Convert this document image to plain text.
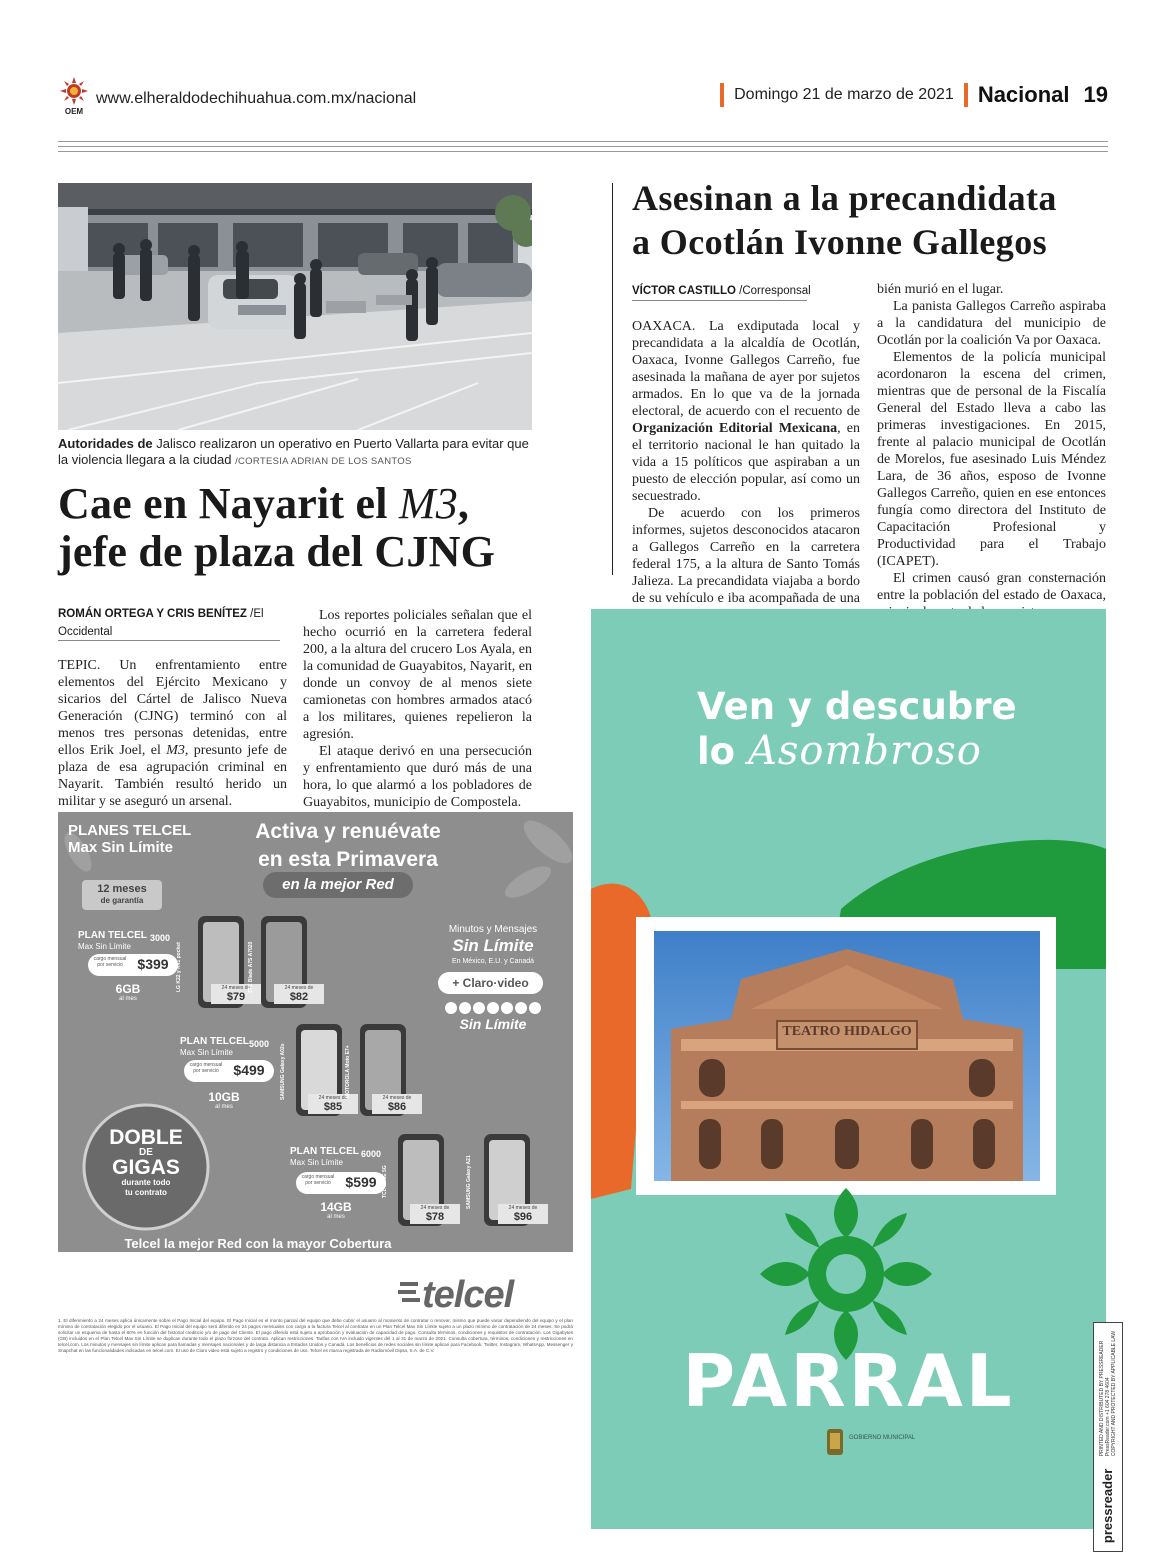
OEM
www.elheraldodechihuahua.com.mx/nacional	Domingo 21 de marzo de 2021 Nacional 19
Autoridades de Jalisco realizaron un operativo en Puerto Vallarta para evitar que la violencia llegara a la ciudad /CORTESIA ADRIAN DE LOS SANTOS
Cae en Nayarit el M3,
jefe de plaza del CJNG
ROMÁN ORTEGA Y CRIS BENÍTEZ /El Occidental

TEPIC. Un enfrentamiento entre elementos del Ejército Mexicano y sicarios del Cártel de Jalisco Nueva Generación (CJNG) terminó con al menos tres personas detenidas, entre ellos Erik Joel, el M3, presunto jefe de plaza de esa agrupación criminal en Nayarit. También resultó herido un militar y se aseguró un arsenal.

Los reportes policiales señalan que el hecho ocurrió en la carretera federal 200, a la altura del crucero Los Ayala, en la comunidad de Guayabitos, Nayarit, en donde un convoy de al menos siete camionetas con hombres armados atacó a los militares, quienes repelieron la agresión.

El ataque derivó en una persecución y enfrentamiento que duró más de una hora, lo que alarmó a los pobladores de Guayabitos, municipio de Compostela.

Asesinan a la precandidata
a Ocotlán Ivonne Gallegos
VÍCTOR CASTILLO /Corresponsal

OAXACA. La exdiputada local y precandidata a la alcaldía de Ocotlán, Oaxaca, Ivonne Gallegos Carreño, fue asesinada la mañana de ayer por sujetos armados. En lo que va de la jornada electoral, de acuerdo con el recuento de Organización Editorial Mexicana, en el territorio nacional le han quitado la vida a 15 políticos que aspiraban a un puesto de elección popular, así como un secuestrado.

De acuerdo con los primeros informes, sujetos desconocidos atacaron a Gallegos Carreño en la carretera federal 175, a la altura de Santo Tomás Jalieza. La precandidata viajaba a bordo de su vehículo e iba acompañada de una

bién murió en el lugar.

La panista Gallegos Carreño aspiraba a la candidatura del municipio de Ocotlán por la coalición Va por Oaxaca.

Elementos de la policía municipal acordonaron la escena del crimen, mientras que de personal de la Fiscalía General del Estado lleva a cabo las primeras investigaciones. En 2015, frente al palacio municipal de Ocotlán de Morelos, fue asesinado Luis Méndez Lara, de 36 años, esposo de Ivonne Gallegos Carreño, quien en ese entonces fungía como directora del Instituto de Capacitación Profesional y Productividad para el Trabajo (ICAPET).

El crimen causó gran consternación entre la población del estado de Oaxaca,

PLANES TELCEL
Max Sin Límite
Activa y renuévate
en esta Primavera
en la mejor Red
12 meses
de garantía
PLAN TELCEL
Max Sin Límite
3000
cargo mensual por servicio	$399
6GB
al mes
PLAN TELCEL
Max Sin Límite
5000
cargo mensual por servicio	$499
10GB
al mes
PLAN TELCEL
Max Sin Límite
6000
cargo mensual por servicio	$599
14GB
al mes
LG K22 y K41 pocket	24 meses de
$79
ZTE Blade A7S A7020	24 meses de
$82
SAMSUNG Galaxy A02s	24 meses de
$85
MOTOROLA Moto E7+	24 meses de
$86
TCL 10 SE 5G
24 meses de
$78
SAMSUNG Galaxy A21	24 meses de
$96
Minutos y Mensajes
Sin Límite
En México, E.U. y Canadá
+ Claro·video
Sin Límite
DOBLE
DE
GIGAS
durante todo
tu contrato
Telcel la mejor Red con la mayor Cobertura
telcel
1. El diferimiento a 24 meses aplica únicamente sobre el Pago Inicial del equipo. El Pago Inicial es el monto parcial del equipo que debe cubrir el usuario al momento de contratar o renovar, mismo que puede variar dependiendo del equipo y el plan mínimo de contratación elegido por el usuario. El Pago Inicial del equipo será diferido en 24 pagos mensuales con cargo a la factura Telcel al contratar en un Plan Telcel Max Sin Límite sujeto a un plazo mínimo de contratación de 24 meses. Se podrá solicitar un esquema de hasta el 60% en función del historial crediticio y/o de pago del Cliente. El pago diferido está sujeto a aprobación y evaluación de capacidad de pago. Consulta términos, condiciones y requisitos de contratación. Los Gigabytes (GB) incluidos en el Plan Telcel Max Sin Límite se duplican durante todo el plazo forzoso del contrato. Aplican restricciones. Tarifas con IVA incluido vigentes del 1 al 31 de marzo de 2021. Consulta cobertura, términos, condiciones y restricciones en telcel.com. Los minutos y mensajes sin límite aplican para llamadas y mensajes nacionales y de larga distancia a Estados Unidos y Canadá. Los beneficios de redes sociales sin límite aplican para Facebook, Twitter, Instagram, WhatsApp, Messenger y Snapchat en las funcionalidades indicadas en telcel.com. El uso de Claro video está sujeto a registro y condiciones de uso. Telcel es marca registrada de Radiomóvil Dipsa, S.A. de C.V.
Ven y descubre
lo Asombroso
TEATRO HIDALGO
PARRAL
GOBIERNO MUNICIPAL
pressreader
PRINTED AND DISTRIBUTED BY PRESSREADER PressReader.com +1 604 278 4604 COPYRIGHT AND PROTECTED BY APPLICABLE LAW
